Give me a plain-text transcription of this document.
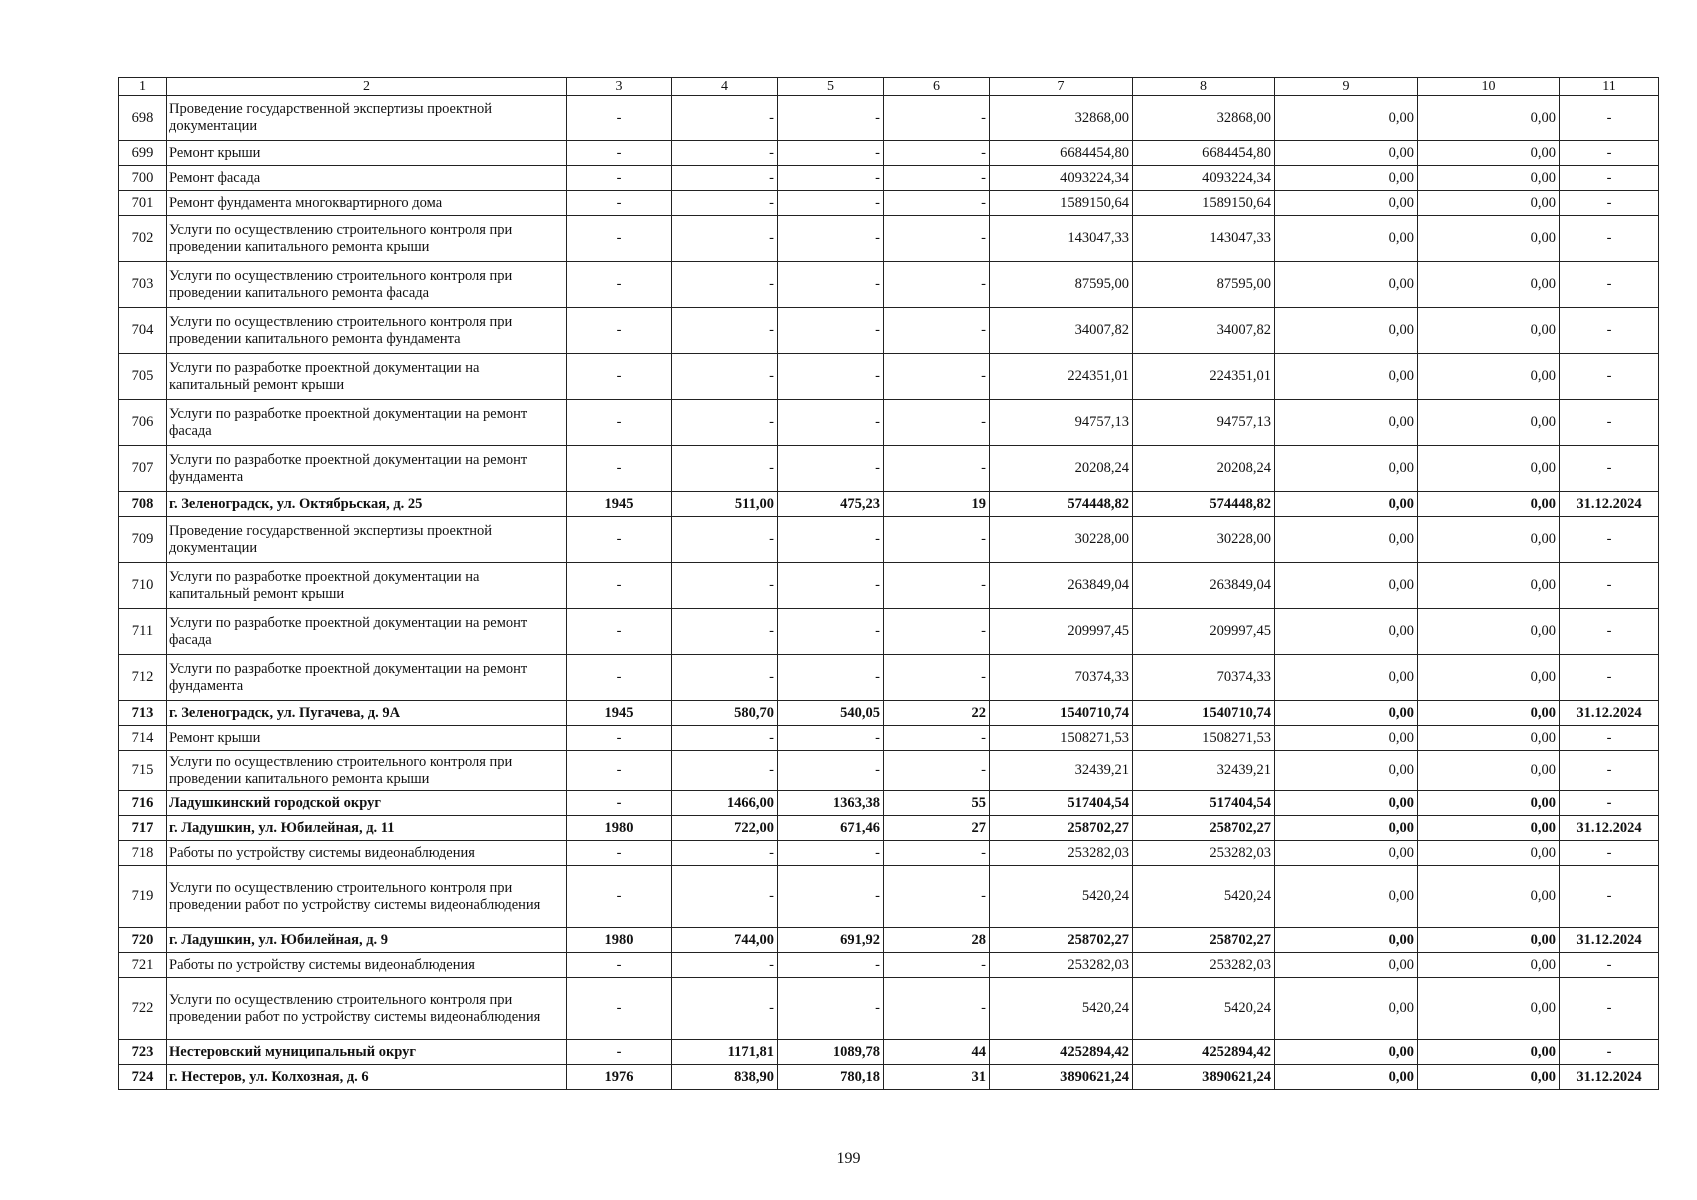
1	2	3	4	5	6	7	8	9	10	11
698	Проведение государственной экспертизы проектной документации	-	-	-	-	32868,00	32868,00	0,00	0,00	-
699	Ремонт крыши	-	-	-	-	6684454,80	6684454,80	0,00	0,00	-
700	Ремонт фасада	-	-	-	-	4093224,34	4093224,34	0,00	0,00	-
701	Ремонт фундамента многоквартирного дома	-	-	-	-	1589150,64	1589150,64	0,00	0,00	-
702	Услуги по осуществлению строительного контроля при проведении капитального ремонта крыши	-	-	-	-	143047,33	143047,33	0,00	0,00	-
703	Услуги по осуществлению строительного контроля при проведении капитального ремонта фасада	-	-	-	-	87595,00	87595,00	0,00	0,00	-
704	Услуги по осуществлению строительного контроля при проведении капитального ремонта фундамента	-	-	-	-	34007,82	34007,82	0,00	0,00	-
705	Услуги по разработке проектной документации на капитальный ремонт крыши	-	-	-	-	224351,01	224351,01	0,00	0,00	-
706	Услуги по разработке проектной документации на ремонт фасада	-	-	-	-	94757,13	94757,13	0,00	0,00	-
707	Услуги по разработке проектной документации на ремонт фундамента	-	-	-	-	20208,24	20208,24	0,00	0,00	-
708	г. Зеленоградск, ул. Октябрьская, д. 25	1945	511,00	475,23	19	574448,82	574448,82	0,00	0,00	31.12.2024
709	Проведение государственной экспертизы проектной документации	-	-	-	-	30228,00	30228,00	0,00	0,00	-
710	Услуги по разработке проектной документации на капитальный ремонт крыши	-	-	-	-	263849,04	263849,04	0,00	0,00	-
711	Услуги по разработке проектной документации на ремонт фасада	-	-	-	-	209997,45	209997,45	0,00	0,00	-
712	Услуги по разработке проектной документации на ремонт фундамента	-	-	-	-	70374,33	70374,33	0,00	0,00	-
713	г. Зеленоградск, ул. Пугачева, д. 9А	1945	580,70	540,05	22	1540710,74	1540710,74	0,00	0,00	31.12.2024
714	Ремонт крыши	-	-	-	-	1508271,53	1508271,53	0,00	0,00	-
715	Услуги по осуществлению строительного контроля при проведении капитального ремонта крыши	-	-	-	-	32439,21	32439,21	0,00	0,00	-
716	Ладушкинский городской округ	-	1466,00	1363,38	55	517404,54	517404,54	0,00	0,00	-
717	г. Ладушкин, ул. Юбилейная, д. 11	1980	722,00	671,46	27	258702,27	258702,27	0,00	0,00	31.12.2024
718	Работы по устройству системы видеонаблюдения	-	-	-	-	253282,03	253282,03	0,00	0,00	-
719	Услуги по осуществлению строительного контроля при проведении работ по устройству системы видеонаблюдения	-	-	-	-	5420,24	5420,24	0,00	0,00	-
720	г. Ладушкин, ул. Юбилейная, д. 9	1980	744,00	691,92	28	258702,27	258702,27	0,00	0,00	31.12.2024
721	Работы по устройству системы видеонаблюдения	-	-	-	-	253282,03	253282,03	0,00	0,00	-
722	Услуги по осуществлению строительного контроля при проведении работ по устройству системы видеонаблюдения	-	-	-	-	5420,24	5420,24	0,00	0,00	-
723	Нестеровский муниципальный округ	-	1171,81	1089,78	44	4252894,42	4252894,42	0,00	0,00	-
724	г. Нестеров, ул. Колхозная, д. 6	1976	838,90	780,18	31	3890621,24	3890621,24	0,00	0,00	31.12.2024
199
